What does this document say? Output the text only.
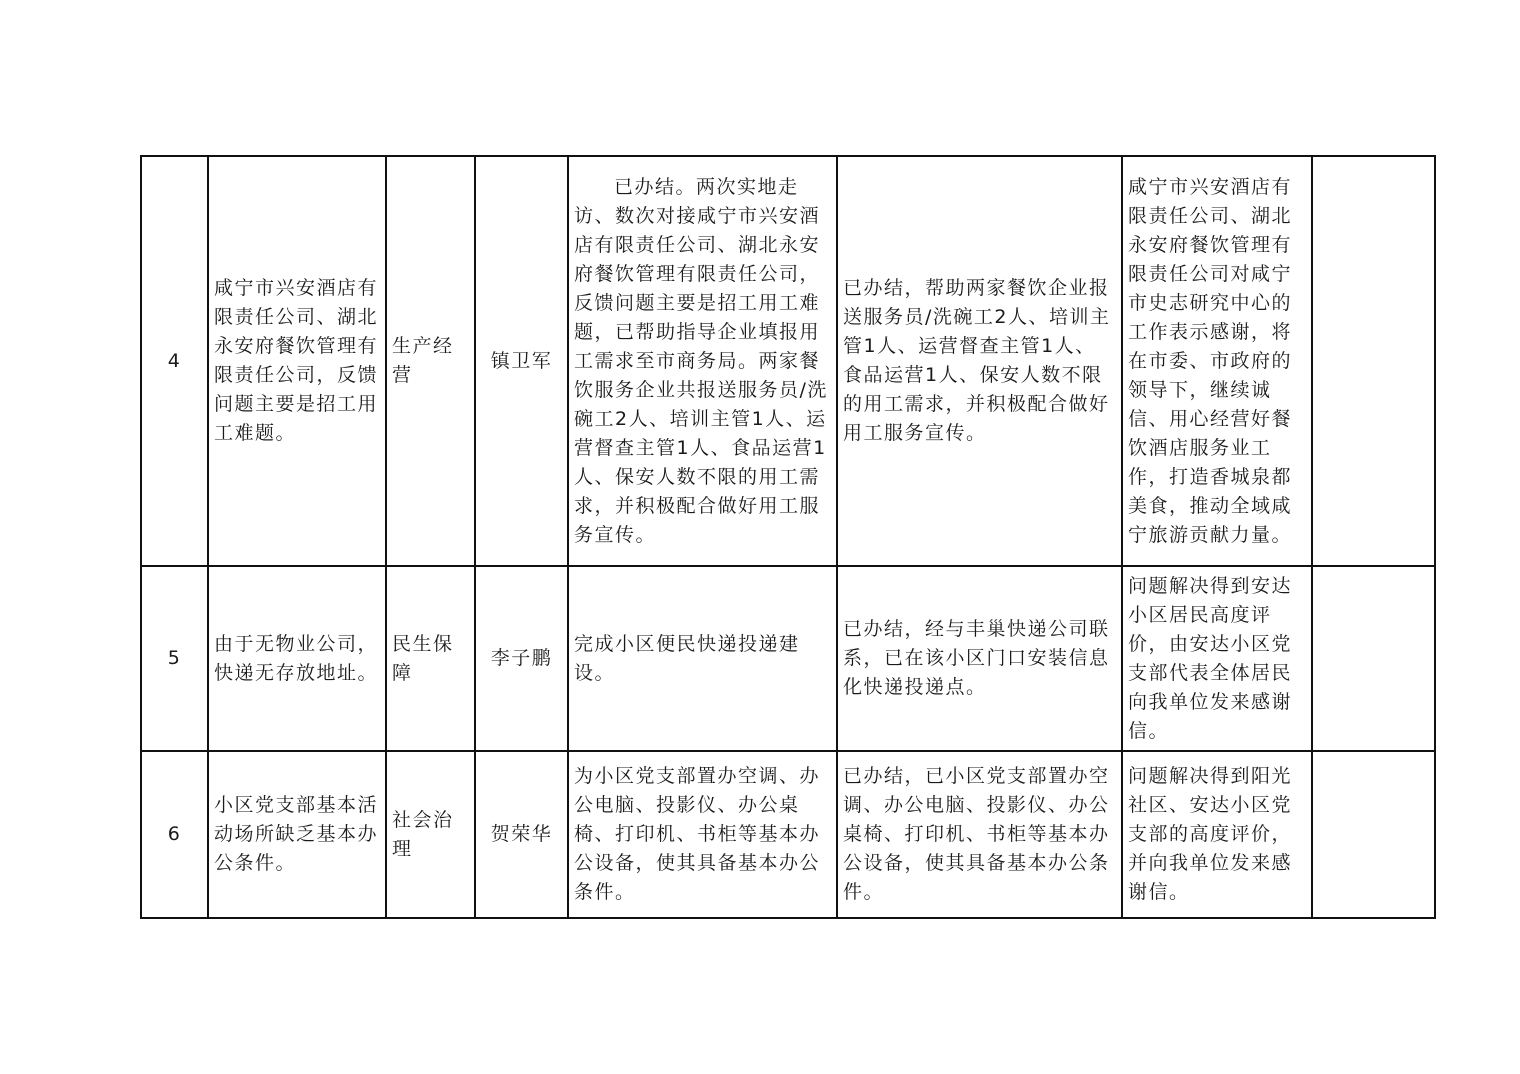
4	咸宁市兴安酒店有限责任公司、湖北永安府餐饮管理有限责任公司，反馈问题主要是招工用工难题。	生产经营	镇卫军	已办结。两次实地走访、数次对接咸宁市兴安酒店有限责任公司、湖北永安府餐饮管理有限责任公司，反馈问题主要是招工用工难题，已帮助指导企业填报用工需求至市商务局。两家餐饮服务企业共报送服务员/洗碗工2人、培训主管1人、运营督查主管1人、食品运营1人、保安人数不限的用工需求，并积极配合做好用工服务宣传。	已办结，帮助两家餐饮企业报送服务员/洗碗工2人、培训主管1人、运营督查主管1人、食品运营1人、保安人数不限的用工需求，并积极配合做好用工服务宣传。	咸宁市兴安酒店有限责任公司、湖北永安府餐饮管理有限责任公司对咸宁市史志研究中心的工作表示感谢，将在市委、市政府的领导下，继续诚信、用心经营好餐饮酒店服务业工作，打造香城泉都美食，推动全域咸宁旅游贡献力量。	
5	由于无物业公司，快递无存放地址。	民生保障	李子鹏	完成小区便民快递投递建设。	已办结，经与丰巢快递公司联系，已在该小区门口安装信息化快递投递点。	问题解决得到安达小区居民高度评价，由安达小区党支部代表全体居民向我单位发来感谢信。	
6	小区党支部基本活动场所缺乏基本办公条件。	社会治理	贺荣华	为小区党支部置办空调、办公电脑、投影仪、办公桌椅、打印机、书柜等基本办公设备，使其具备基本办公条件。	已办结，已小区党支部置办空调、办公电脑、投影仪、办公桌椅、打印机、书柜等基本办公设备，使其具备基本办公条件。	问题解决得到阳光社区、安达小区党支部的高度评价，并向我单位发来感谢信。	
